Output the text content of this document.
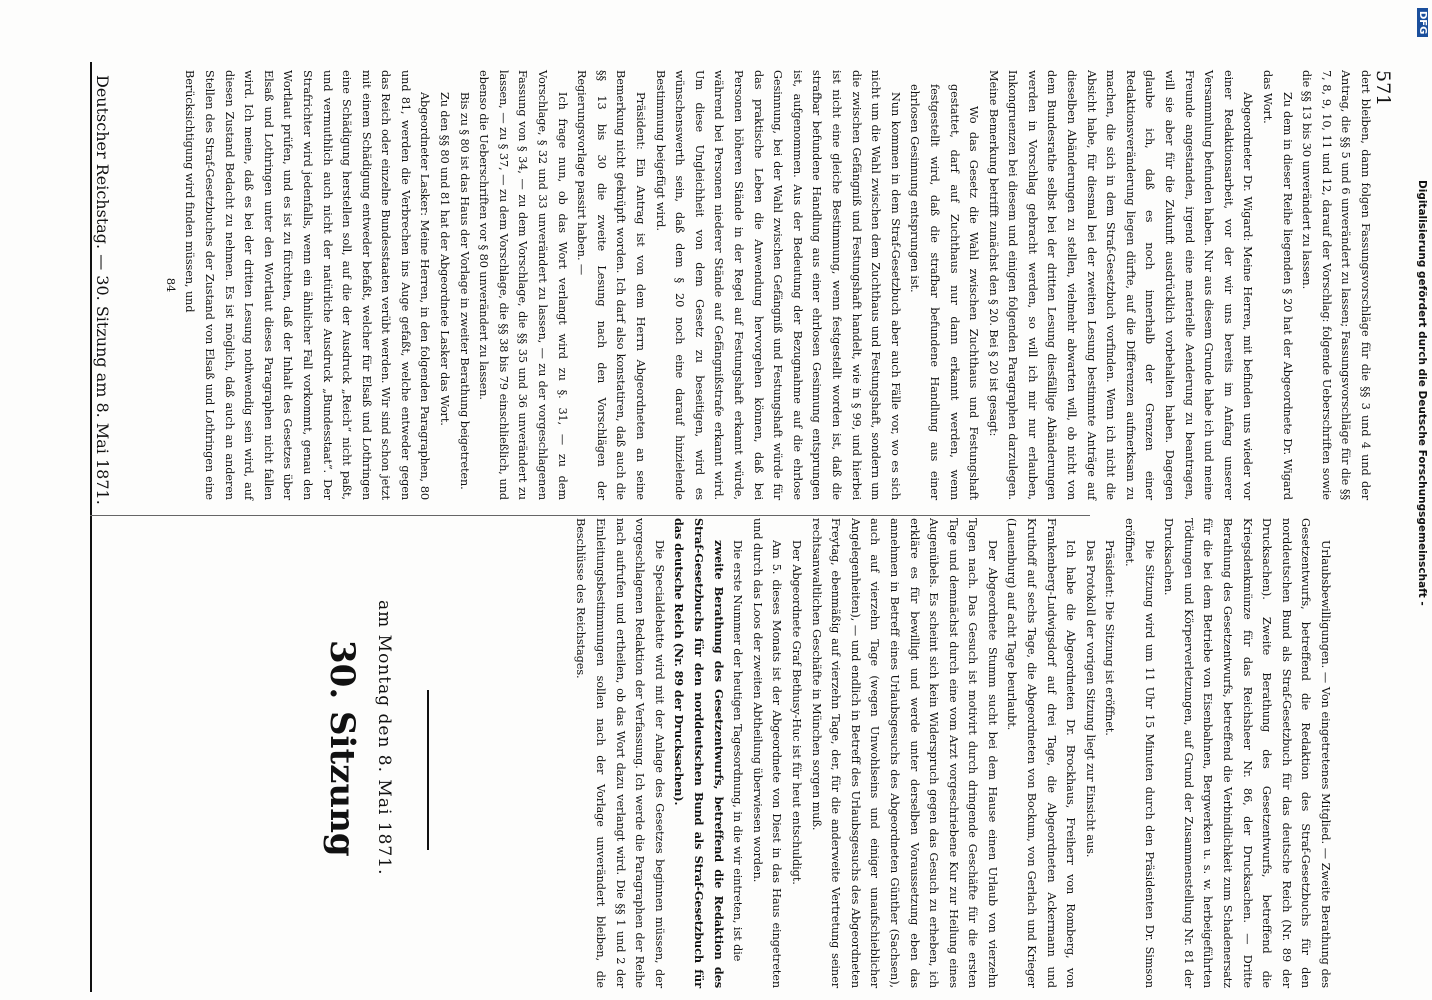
Deutscher Reichstag. — 30. Sitzung am 8. Mai 1871.	571
30. Sitzung am Montag den 8. Mai 1871.	Urlaubsbewilligungen. — Von eingetretenes Mitglied. — Zweite Berathung des Gesetzentwurfs, betreffend die Redaktion des Straf-Gesetzbuchs für den norddeutschen Bund als Straf-Gesetzbuch für das deutsche Reich (Nr. 89 der Drucksachen). Zweite Berathung des Gesetzentwurfs, betreffend die Kriegsdenkmünze für das Reichsheer Nr. 86, der Drucksachen. — Dritte Berathung des Gesetzentwurfs, betreffend die Verbindlichkeit zum Schadenersatz für die bei dem Betriebe von Eisenbahnen, Bergwerken u. s. w. herbeigeführten Tödtungen und Körperverletzungen, auf Grund der Zusammenstellung Nr. 81 der Drucksachen.

Die Sitzung wird um 11 Uhr 15 Minuten durch den Präsidenten Dr. Simson eröffnet.

Präsident: Die Sitzung ist eröffnet.

Das Protokoll der vorigen Sitzung liegt zur Einsicht aus.

Ich habe die Abgeordneten Dr. Brockhaus, Freiherr von Romberg, von Frankenberg-Ludwigsdorf auf drei Tage, die Abgeordneten Ackermann und Kruthoff auf sechs Tage, die Abgeordneten von Bockum, von Gerlach und Krieger (Lauenburg) auf acht Tage beurlaubt.

Der Abgeordnete Stumm sucht bei dem Hause einen Urlaub von vierzehn Tagen nach. Das Gesuch ist motivirt durch dringende Geschäfte für die ersten Tage und demnächst durch eine vom Arzt vorgeschriebene Kur zur Heilung eines Augenübels. Es scheint sich kein Widerspruch gegen das Gesuch zu erheben, ich erkläre es für bewilligt und werde unter derselben Voraussetzung eben das annehmen in Betreff eines Urlaubsgesuchs des Abgeordneten Günther (Sachsen), auch auf vierzehn Tage (wegen Unwohlseins und einiger unaufschieblicher Angelegenheiten), — und endlich in Betreff des Urlaubsgesuchs des Abgeordneten Freytag, ebenmäßig auf vierzehn Tage, der, für die anderweite Vertretung seiner rechtsanwaltlichen Geschäfte in München sorgen muß.

Der Abgeordnete Graf Bethusy-Huc ist für heut entschuldigt.

Am 5. dieses Monats ist der Abgeordnete von Diest in das Haus eingetreten und durch das Loos der zweiten Abtheilung überwiesen worden.

Die erste Nummer der heutigen Tagesordnung, in die wir eintreten, ist die

zweite Berathung des Gesetzentwurfs, betreffend die Redaktion des Straf-Gesetzbuchs für den norddeutschen Bund als Straf-Gesetzbuch für das deutsche Reich (Nr. 89 der Drucksachen).

Die Specialdebatte wird mit der Anlage des Gesetzes beginnen müssen, der vorgeschlagenen Redaktion der Verfassung. Ich werde die Paragraphen der Reihe nach aufrufen und ertheilen, ob das Wort dazu verlangt wird. Die §§ 1 und 2 der Einleitungsbestimmungen sollen nach der Vorlage unverändert bleiben, die Beschlüsse des Reichstages.

dert bleiben, dann folgen Fassungsvorschläge für die §§ 3 und 4 und der Antrag, die §§ 5 und 6 unverändert zu lassen; Fassungsvorschläge für die §§ 7, 8, 9, 10, 11 und 12, darauf der Vorschlag: folgende Ueberschriften sowie die §§ 13 bis 30 unverändert zu lassen.

Zu dem in dieser Reihe liegenden § 20 hat der Abgeordnete Dr. Wigard das Wort.

Abgeordneter Dr. Wigard: Meine Herren, mit befinden uns wieder vor einer Redaktionsarbeit, vor der wir uns bereits im Anfang unserer Versammlung befunden haben. Nur aus diesem Grunde habe ich und meine Freunde angestanden, irgend eine materielle Aenderung zu beantragen, will sie aber für die Zukunft ausdrücklich vorbehalten haben. Dagegen glaube ich, daß es noch innerhalb der Grenzen einer Redaktionsveränderung liegen dürfte, auf die Differenzen aufmerksam zu machen, die sich in dem Straf-Gesetzbuch vorfinden. Wenn ich nicht die Absicht habe, für diesmal bei der zweiten Lesung bestimmte Anträge auf dieselben Abänderungen zu stellen, vielmehr abwarten will, ob nicht von dem Bundesrathe selbst bei der dritten Lesung diesfällige Abänderungen werden in Vorschlag gebracht werden, so will ich mir nur erlauben, Inkongruenzen bei diesem und einigen folgenden Paragraphen darzulegen. Meine Bemerkung betrifft zunächst den § 20. Bei § 20 ist gesagt:

Wo das Gesetz die Wahl zwischen Zuchthaus und Festungshaft gestattet, darf auf Zuchthaus nur dann erkannt werden, wenn festgestellt wird, daß die strafbar befundene Handlung aus einer ehrlosen Gesinnung entsprungen ist.

Nun kommen in dem Straf-Gesetzbuch aber auch Fälle vor, wo es sich nicht um die Wahl zwischen dem Zuchthaus und Festungshaft, sondern um die zwischen Gefängniß und Festungshaft handelt, wie in § 99, und hierbei ist nicht eine gleiche Bestimmung, wenn festgestellt worden ist, daß die strafbar befundene Handlung aus einer ehrlosen Gesinnung entsprungen ist, aufgenommen. Aus der Bedeutung der Bezugnahme auf die ehrlose Gesinnung, bei der Wahl zwischen Gefängniß und Festungshaft würde für das praktische Leben die Anwendung hervorgehen können, daß bei Personen höheren Stände in der Regel auf Festungshaft erkannt würde, während bei Personen niederer Stände auf Gefängnißstrafe erkannt wird. Um diese Ungleichheit von dem Gesetz zu beseitigen, wird es wünschenswerth sein, daß dem § 20 noch eine darauf hinzielende Bestimmung beigefügt wird.

Präsident: Ein Antrag ist von dem Herrn Abgeordneten an seine Bemerkung nicht geknüpft worden. Ich darf also konstatiren, daß auch die §§ 13 bis 30 die zweite Lesung nach den Vorschlägen der Regierungsvorlage passirt haben. —

Ich frage nun, ob das Wort verlangt wird zu §. 31, — zu dem Vorschlage, § 32 und 33 unverändert zu lassen, — zu der vorgeschlagenen Fassung von § 34, — zu dem Vorschlage, die §§ 35 und 36 unverändert zu lassen, — zu § 37, — zu dem Vorschlage, die §§ 38 bis 79 einschließlich, und ebenso die Ueberschriften vor § 80 unverändert zu lassen.

Bis zu § 80 ist das Haus der Vorlage in zweiter Berathung beigetreten.

Zu den §§ 80 und 81 hat der Abgeordnete Lasker das Wort.

Abgeordneter Lasker: Meine Herren, in den folgenden Paragraphen, 80 und 81, werden die Verbrechen ins Auge gefaßt, welche entweder gegen das Reich oder einzelne Bundesstaaten verübt werden. Wir sind schon jetzt mit einem Schädigung entweder befaßt, welcher für Elsaß und Lothringen eine Schädigung herstellen soll, auf die der Ausdruck „Reich“ nicht paßt, und vermuthlich auch nicht der natürliche Ausdruck „Bundesstaat“. Der Strafrichter wird jedenfalls, wenn ein ähnlicher Fall vorkommt, genau den Wortlaut prüfen, und es ist zu fürchten, daß der Inhalt des Gesetzes über Elsaß und Lothringen unter den Wortlaut dieses Paragraphen nicht fallen wird. Ich meine, daß es bei der dritten Lesung nothwendig sein wird, auf diesen Zustand Bedacht zu nehmen. Es ist möglich, daß auch an anderen Stellen des Straf-Gesetzbuches der Zustand von Elsaß und Lothringen eine Berücksichtigung wird finden müssen, und

84	Digitalisierung gefördert durch die Deutsche Forschungsgemeinschaft -
DFG
